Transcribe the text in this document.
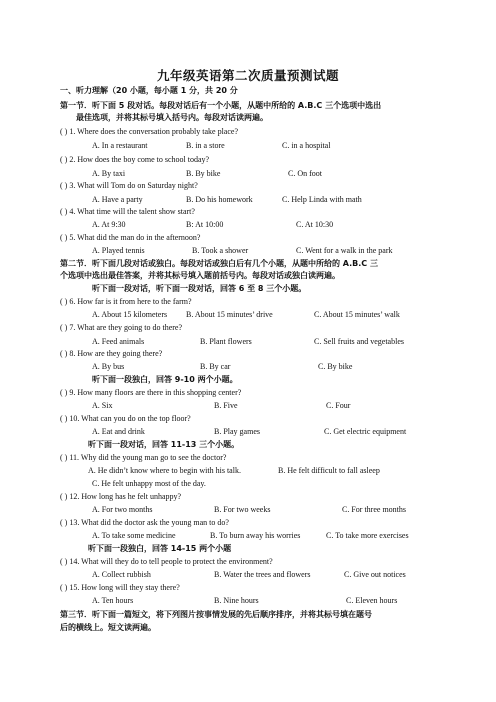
九年级英语第二次质量预测试题
一、听力理解（20 小题，每小题 1 分，共 20 分
第一节．听下面 5 段对话。每段对话后有一个小题，从题中所给的 A.B.C 三个选项中选出
最佳选项，并将其标号填入括号内。每段对话读两遍。
( ) 1. Where does the conversation probably take place?
A. In a restaurant	B. in a store	C. in a hospital
( ) 2. How does the boy come to school today?
A. By taxi	B. By bike	C. On foot
( ) 3. What will Tom do on Saturday night?
A. Have a party	B. Do his homework	C. Help Linda with math
( ) 4. What time will the talent show start?
A. At 9:30	B: At 10:00	C. At 10:30
( ) 5. What did the man do in the afternoon?
A. Played tennis	B. Took a shower	C. Went for a walk in the park
第二节．听下面几段对话或独白。每段对话或独白后有几个小题，从题中所给的 A.B.C 三
个选项中选出最佳答案，并将其标号填入题前括号内。每段对话或独白读两遍。
听下面一段对话，听下面一段对话，回答 6 至 8 三个小题。
( ) 6. How far is it from here to the farm?
A. About 15 kilometers B. About 15 minutes’ drive	C. About 15 minutes’ walk
( ) 7. What are they going to do there?
A. Feed animals	B. Plant flowers	C. Sell fruits and vegetables
( ) 8. How are they going there?
A. By bus	B. By car	C. By bike
听下面一段独白，回答 9-10 两个小题。
( ) 9. How many floors are there in this shopping center?
A. Six	B. Five	C. Four
( ) 10. What can you do on the top floor?
A. Eat and drink	B. Play games	C. Get electric equipment
听下面一段对话，回答 11-13 三个小题。
( ) 11. Why did the young man go to see the doctor?
A. He didn’t know where to begin with his talk.	B. He felt difficult to fall asleep
C. He felt unhappy most of the day.
( ) 12. How long has he felt unhappy?
A. For two months	B. For two weeks	C. For three months
( ) 13. What did the doctor ask the young man to do?
A. To take some medicine	B. To burn away his worries	C. To take more exercises
听下面一段独白，回答 14-15 两个小题
( ) 14. What will they do to tell people to protect the environment?
A. Collect rubbish	B. Water the trees and flowers	C. Give out notices
( ) 15. How long will they stay there?
A. Ten hours	B. Nine hours	C. Eleven hours
第三节．听下面一篇短文，将下列图片按事情发展的先后顺序排序，并将其标号填在题号
后的横线上。短文读两遍。
